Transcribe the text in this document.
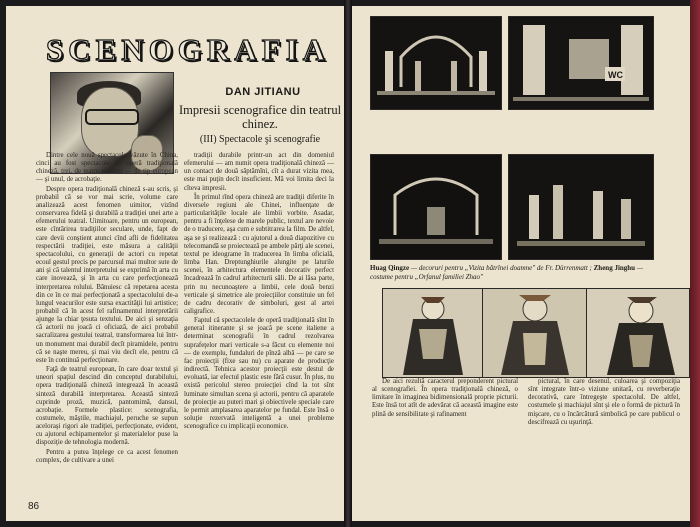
SCENOGRAFIA
DAN JITIANU
Impresii scenografice din teatrul chinez.
(III) Spectacole şi scenografie

Dintre cele nouă spectacole văzute în China, cinci au fost spectacole de operă tradiţională chineză, trei, de teatru modern — de tip european — şi unul, de acrobaţie.

Despre opera tradiţională chineză s-au scris, şi probabil că se vor mai scrie, volume care analizează acest fenomen uimitor, vizînd conservarea fidelă şi durabilă a tradiţiei unei arte a efemerului teatral. Uimitoare, pentru un european, este cîntărirea tradiţiilor seculare, unde, fapt de care devii conştient atunci cînd afli de fidelitatea respectării tradiţiei, este măsura a calităţii spectacolului, cu generaţii de actori cu repetat ecoul gestul precis pe parcursul mai multor sute de ani şi că talentul interpretului se exprimă în arta cu care inovează, şi în arta cu care perfecţionează interpretarea rolului. Bănuiesc că repetarea acesta din ce în ce mai perfecţionată a spectacolului de-a lungul veacurilor este sursa exactităţii lui artistice; probabil că în acest fel rafinamentul interpretării ajunge la chiar ţesuta textului. De aici şi senzaţia că actorii nu joacă ci oficiază, de aici probabil sacralizarea gestului teatral, transformarea lui într-un monument mai durabil decît piramidele, pentru că se naşte mereu, şi mai viu decît ele, pentru că este în continuă perfecţionare.

Faţă de teatrul european, în care doar textul şi uneori spaţiul descind din conceptul durabilului, opera tradiţională chineză integrează în această sinteză durabilă interpretarea. Această sinteză cuprinde proză, muzică, pantomimă, dansul, acrobaţie. Formele plastice: scenografia, costumele, măştile, machiajul, peruche se supun aceloraşi rigori ale tradiţiei, perfecţionate, evident, cu ajutorul echipamentelor şi materialelor puse la dispoziţie de tehnologia modernă.

Pentru a putea înţelege ce ca acest fenomen complex, de cultivare a unei

tradiţii durabile printr-un act din domeniul efemerului — am numit opera tradiţională chineză — un contact de două săptămîni, cît a durat vizita mea, este mai puţin decît insuficient. Mă voi limita deci la cîteva impresii.

În primul rînd opera chineză are tradiţii diferite în diversele regiuni ale Chinei, influenţate de particularităţile locale ale limbii vorbite. Asadar, pentru a fi înţelese de marele public, textul are nevoie de o traducere, aşa cum e subtitrarea la film. De altfel, aşa se şi realizează : cu ajutorul a două diapozitive cu telecomandă se proiectează pe ambele părţi ale scenei, textul pe ideograme în traducerea în limba oficială, limba Han. Dreptunghiurile alungite pe laturile scenei, în arhitectura elementele decorativ perfect încadrează în cadrul arhitecturii săli. De ai lăsa parte, prin nu necunoaştere a limbii, cele două benzi verticale şi simetrice ale proiecţiilor constituie un fel de cadru decorativ de simboluri, gest al artei caligrafice.

Faptul că spectacolele de operă tradiţională sînt în general itinerante şi se joacă pe scene italiene a determinat scenografii în cadrul rezolvarea suprafeţelor mari verticale s-a făcut cu elemente noi — de exemplu, fundaluri de pînză albă — pe care se fac proiecţii (fixe sau nu) cu aparate de producţie indirectă. Tehnica acestor proiecţii este destul de evoluată, iar efectul plastic este fără cusur. În plus, nu există pericolul stereo proiecţiei cînd la tot sînt luminate simultan scena şi actorii, pentru că aparatele de proiecţie au puteri mari şi obiectivele speciale care le permit amplasarea aparatelor pe fundal. Este însă o soluţie rezervată inteligentă a unei probleme scenografice cu implicaţii economice.

86
WC
Huag Qingze — decoruri pentru „Vizita bătrînei doamne" de Fr. Dürrenmatt ; Zheng Jinghu — costume pentru „Orfanul familiei Zhao"

De aici rezultă caracterul preponderent pictural al scenografiei. În opera tradiţională chineză, o limitare în imaginea bidimensională proprie picturii. Este însă tot atît de adevărat că această imagine este plină de sensibilitate şi rafinament

pictural, în care desenul, culoarea şi compoziţia sînt integrate într-o viziune unitară, cu reverberaţie decorativă, care întregeşte spectacolul. De altfel, costumele şi machiajul sînt şi ele o formă de pictură în mişcare, cu o încărcătură simbolică pe care publicul o descifrează cu uşurinţă.
